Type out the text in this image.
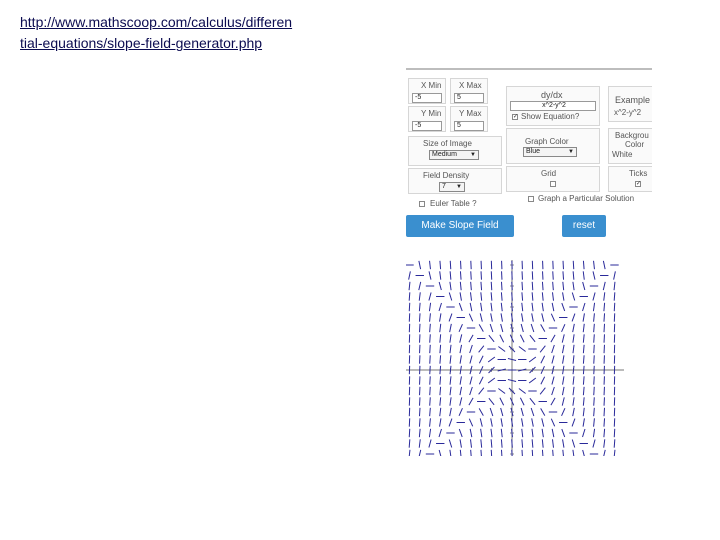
http://www.mathscoop.com/calculus/differen
tial-equations/slope-field-generator.php
X Min
-5
X Max
5
Y Min
-5
Y Max
5
dy/dx
x^2-y^2
✓ Show Equation?
Example
x^2-y^2
Size of Image
Medium ▼
Graph Color
Blue	▼
Backgrou
Color
White
Field Density
7 ▼
Grid	Ticks
✓
Euler Table ?
Graph a Particular Solution
Make Slope Field	reset
